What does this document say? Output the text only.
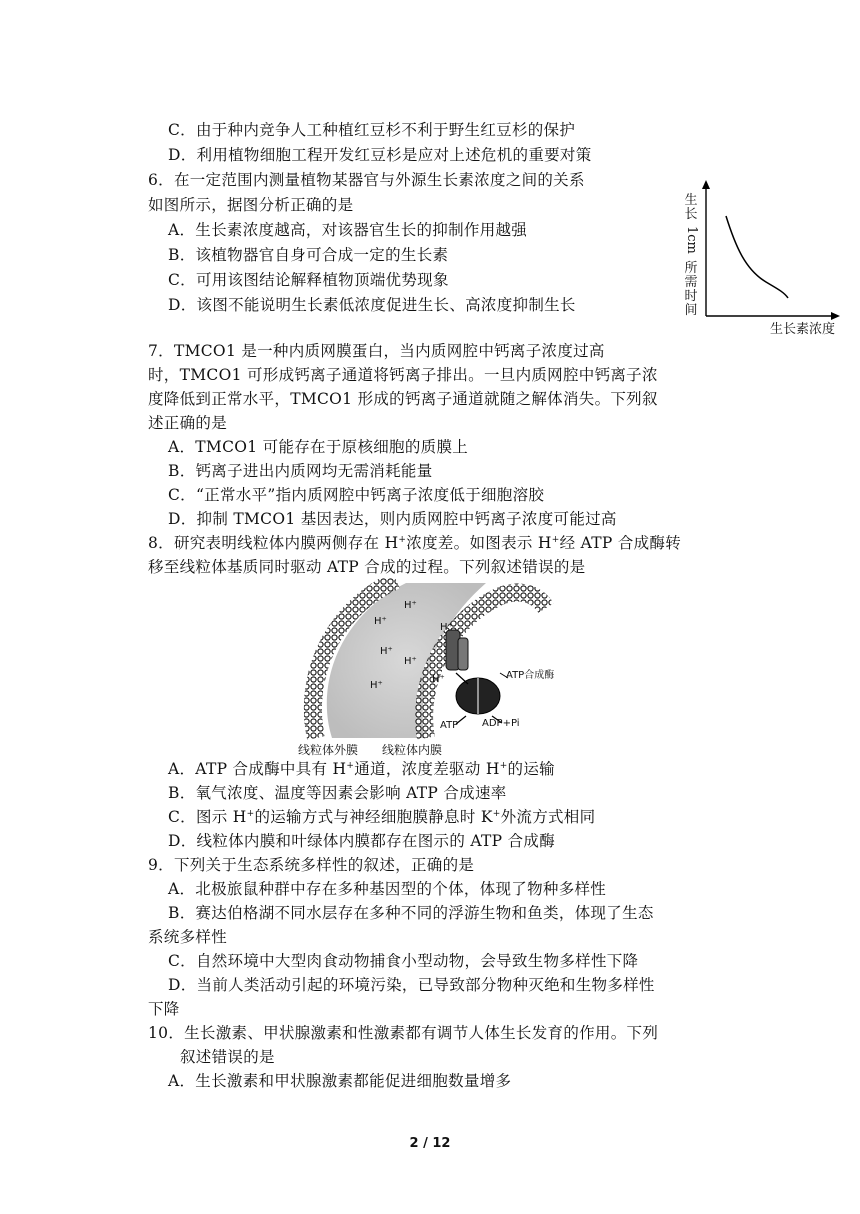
C．由于种内竞争人工种植红豆杉不利于野生红豆杉的保护
D．利用植物细胞工程开发红豆杉是应对上述危机的重要对策
6．在一定范围内测量植物某器官与外源生长素浓度之间的关系
如图所示，据图分析正确的是
A．生长素浓度越高，对该器官生长的抑制作用越强
B．该植物器官自身可合成一定的生长素
C．可用该图结论解释植物顶端优势现象
D．该图不能说明生长素低浓度促进生长、高浓度抑制生长
生长
1cm
所需时间
生长素浓度
7．TMCO1 是一种内质网膜蛋白，当内质网腔中钙离子浓度过高
时，TMCO1 可形成钙离子通道将钙离子排出。一旦内质网腔中钙离子浓
度降低到正常水平，TMCO1 形成的钙离子通道就随之解体消失。下列叙
述正确的是
A．TMCO1 可能存在于原核细胞的质膜上
B．钙离子进出内质网均无需消耗能量
C．“正常水平”指内质网腔中钙离子浓度低于细胞溶胶
D．抑制 TMCO1 基因表达，则内质网腔中钙离子浓度可能过高
8．研究表明线粒体内膜两侧存在 H+浓度差。如图表示 H+经 ATP 合成酶转
移至线粒体基质同时驱动 ATP 合成的过程。下列叙述错误的是
H⁺
H⁺
H⁺
H⁺
H⁺
H⁺
H⁺	ATP合成酶
ATP ADP+Pi
线粒体外膜 线粒体内膜
A．ATP 合成酶中具有 H+通道，浓度差驱动 H+的运输
B．氧气浓度、温度等因素会影响 ATP 合成速率
C．图示 H+的运输方式与神经细胞膜静息时 K+外流方式相同
D．线粒体内膜和叶绿体内膜都存在图示的 ATP 合成酶
9．下列关于生态系统多样性的叙述，正确的是
A．北极旅鼠种群中存在多种基因型的个体，体现了物种多样性
B．赛达伯格湖不同水层存在多种不同的浮游生物和鱼类，体现了生态
系统多样性
C．自然环境中大型肉食动物捕食小型动物，会导致生物多样性下降
D．当前人类活动引起的环境污染，已导致部分物种灭绝和生物多样性
下降
10．生长激素、甲状腺激素和性激素都有调节人体生长发育的作用。下列
叙述错误的是
A．生长激素和甲状腺激素都能促进细胞数量增多
2 / 12
